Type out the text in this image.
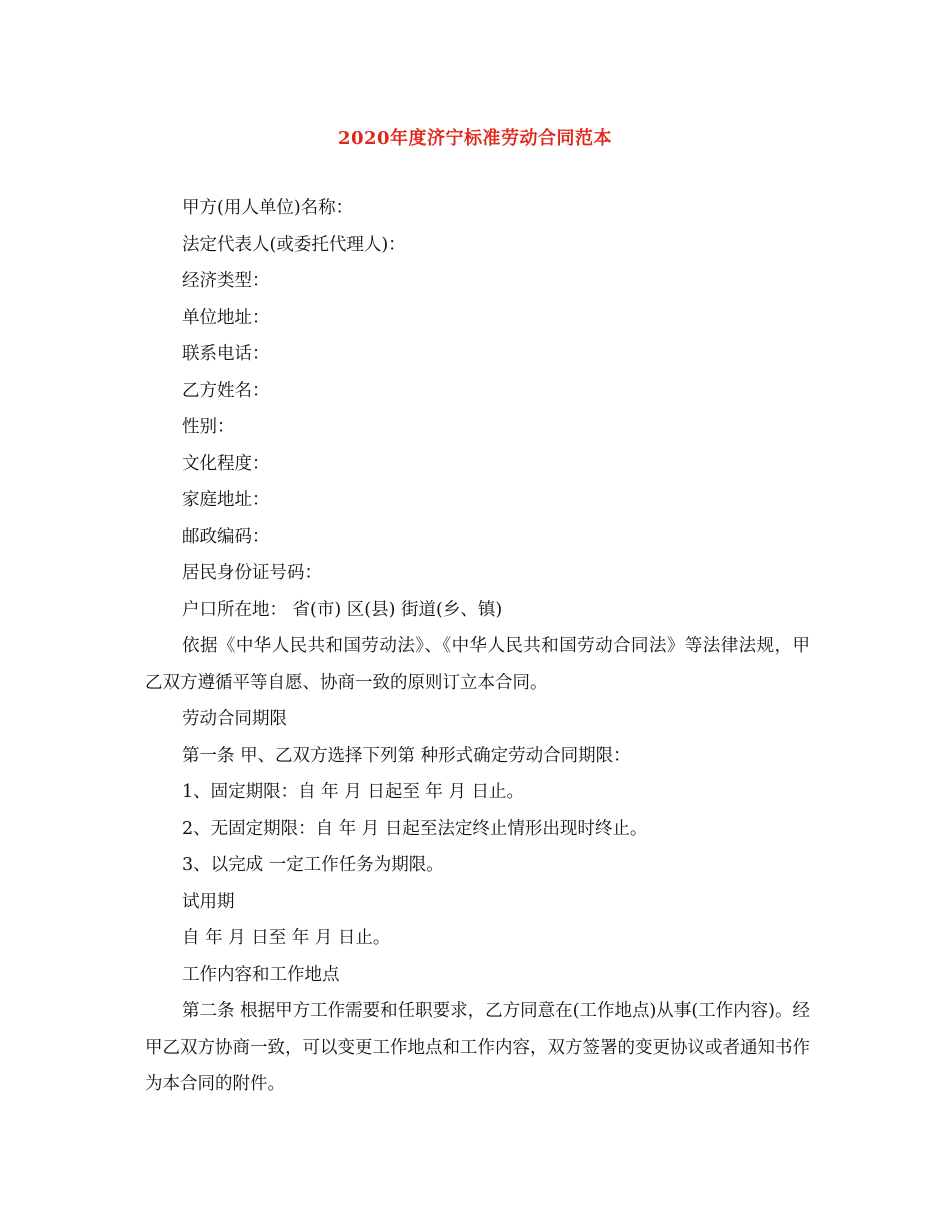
2020年度济宁标准劳动合同范本

甲方(用人单位)名称：

法定代表人(或委托代理人)：

经济类型：

单位地址：

联系电话：

乙方姓名：

性别：

文化程度：

家庭地址：

邮政编码：

居民身份证号码：

户口所在地： 省(市) 区(县) 街道(乡、镇)

依据《中华人民共和国劳动法》、《中华人民共和国劳动合同法》等法律法规，甲乙双方遵循平等自愿、协商一致的原则订立本合同。

劳动合同期限

第一条 甲、乙双方选择下列第 种形式确定劳动合同期限：

1、固定期限：自 年 月 日起至 年 月 日止。

2、无固定期限：自 年 月 日起至法定终止情形出现时终止。

3、以完成 一定工作任务为期限。

试用期

自 年 月 日至 年 月 日止。

工作内容和工作地点

第二条 根据甲方工作需要和任职要求，乙方同意在(工作地点)从事(工作内容)。经甲乙双方协商一致，可以变更工作地点和工作内容，双方签署的变更协议或者通知书作为本合同的附件。
